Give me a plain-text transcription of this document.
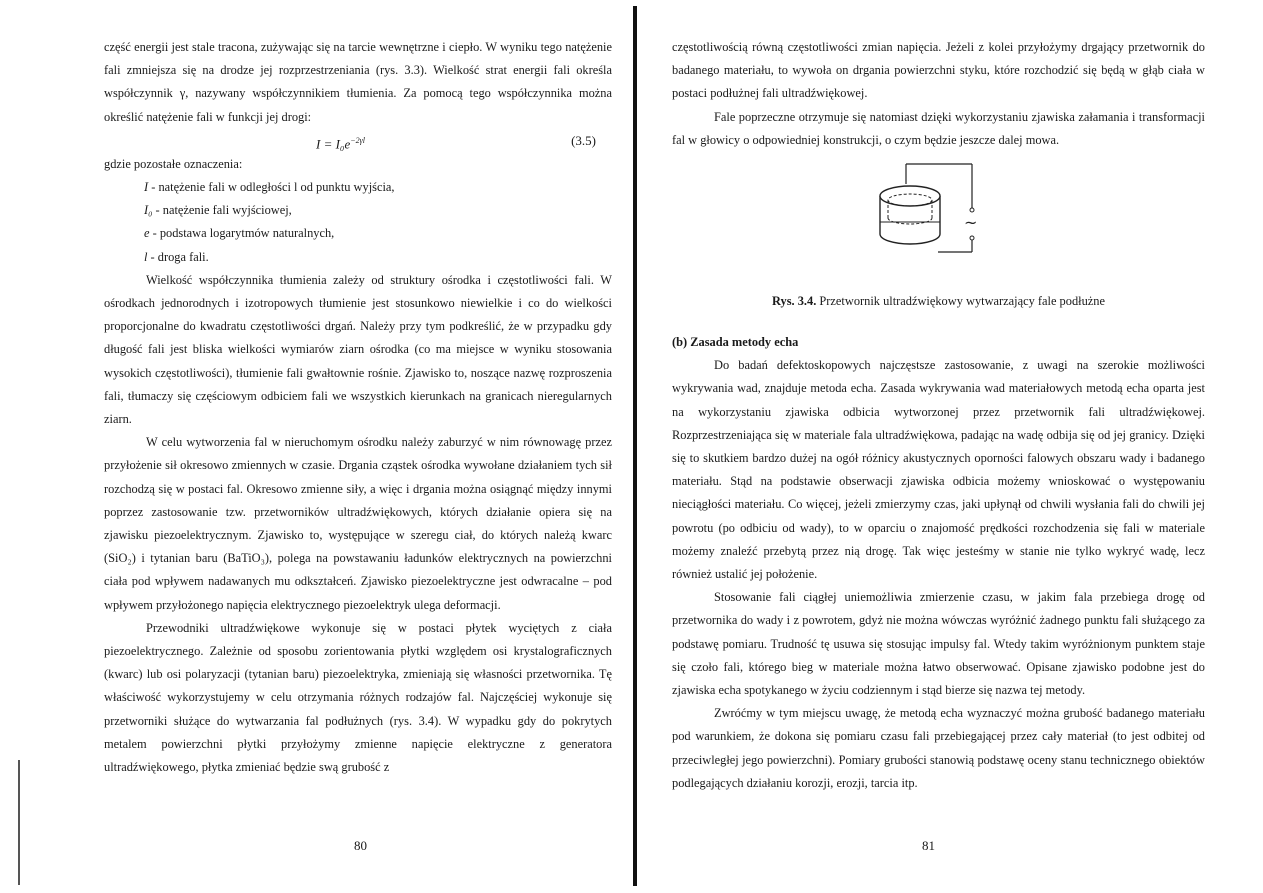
część energii jest stale tracona, zużywając się na tarcie wewnętrzne i ciepło. W wyniku tego natężenie fali zmniejsza się na drodze jej rozprzestrzeniania (rys. 3.3). Wielkość strat energii fali określa współczynnik γ, nazywany współczynnikiem tłumienia. Za pomocą tego współczynnika można określić natężenie fali w funkcji jej drogi:

$I = I_0e^{-2\gamma l}$	(3.5)

gdzie pozostałe oznaczenia:

I - natężenie fali w odległości l od punktu wyjścia,
I₀ - natężenie fali wyjściowej,
e - podstawa logarytmów naturalnych,
l - droga fali.

Wielkość współczynnika tłumienia zależy od struktury ośrodka i częstotliwości fali. W ośrodkach jednorodnych i izotropowych tłumienie jest stosunkowo niewielkie i co do wielkości proporcjonalne do kwadratu częstotliwości drgań. Należy przy tym podkreślić, że w przypadku gdy długość fali jest bliska wielkości wymiarów ziarn ośrodka (co ma miejsce w wyniku stosowania wysokich częstotliwości), tłumienie fali gwałtownie rośnie. Zjawisko to, noszące nazwę rozproszenia fali, tłumaczy się częściowym odbiciem fali we wszystkich kierunkach na granicach nieregularnych ziarn.

W celu wytworzenia fal w nieruchomym ośrodku należy zaburzyć w nim równowagę przez przyłożenie sił okresowo zmiennych w czasie. Drgania cząstek ośrodka wywołane działaniem tych sił rozchodzą się w postaci fal. Okresowo zmienne siły, a więc i drgania można osiągnąć między innymi poprzez zastosowanie tzw. przetworników ultradźwiękowych, których działanie opiera się na zjawisku piezoelektrycznym. Zjawisko to, występujące w szeregu ciał, do których należą kwarc (SiO₂) i tytanian baru (BaTiO₃), polega na powstawaniu ładunków elektrycznych na powierzchni ciała pod wpływem nadawanych mu odkształceń. Zjawisko piezoelektryczne jest odwracalne – pod wpływem przyłożonego napięcia elektrycznego piezoelektryk ulega deformacji.

Przewodniki ultradźwiękowe wykonuje się w postaci płytek wyciętych z ciała piezoelektrycznego. Zależnie od sposobu zorientowania płytki względem osi krystalograficznych (kwarc) lub osi polaryzacji (tytanian baru) piezoelektryka, zmieniają się własności przetwornika. Tę właściwość wykorzystujemy w celu otrzymania różnych rodzajów fal. Najczęściej wykonuje się przetworniki służące do wytwarzania fal podłużnych (rys. 3.4). W wypadku gdy do pokrytych metalem powierzchni płytki przyłożymy zmienne napięcie elektryczne z generatora ultradźwiękowego, płytka zmieniać będzie swą grubość z

80

częstotliwością równą częstotliwości zmian napięcia. Jeżeli z kolei przyłożymy drgający przetwornik do badanego materiału, to wywoła on drgania powierzchni styku, które rozchodzić się będą w głąb ciała w postaci podłużnej fali ultradźwiękowej.

Fale poprzeczne otrzymuje się natomiast dzięki wykorzystaniu zjawiska załamania i transformacji fal w głowicy o odpowiedniej konstrukcji, o czym będzie jeszcze dalej mowa.

~
Rys. 3.4. Przetwornik ultradźwiękowy wytwarzający fale podłużne
(b) Zasada metody echa

Do badań defektoskopowych najczęstsze zastosowanie, z uwagi na szerokie możliwości wykrywania wad, znajduje metoda echa. Zasada wykrywania wad materiałowych metodą echa oparta jest na wykorzystaniu zjawiska odbicia wytworzonej przez przetwornik fali ultradźwiękowej. Rozprzestrzeniająca się w materiale fala ultradźwiękowa, padając na wadę odbija się od jej granicy. Dzięki się to skutkiem bardzo dużej na ogół różnicy akustycznych oporności falowych obszaru wady i badanego materiału. Stąd na podstawie obserwacji zjawiska odbicia możemy wnioskować o występowaniu nieciągłości materiału. Co więcej, jeżeli zmierzymy czas, jaki upłynął od chwili wysłania fali do chwili jej powrotu (po odbiciu od wady), to w oparciu o znajomość prędkości rozchodzenia się fali w materiale możemy znaleźć przebytą przez nią drogę. Tak więc jesteśmy w stanie nie tylko wykryć wadę, lecz również ustalić jej położenie.

Stosowanie fali ciągłej uniemożliwia zmierzenie czasu, w jakim fala przebiega drogę od przetwornika do wady i z powrotem, gdyż nie można wówczas wyróżnić żadnego punktu fali służącego za podstawę pomiaru. Trudność tę usuwa się stosując impulsy fal. Wtedy takim wyróżnionym punktem staje się czoło fali, którego bieg w materiale można łatwo obserwować. Opisane zjawisko podobne jest do zjawiska echa spotykanego w życiu codziennym i stąd bierze się nazwa tej metody.

Zwróćmy w tym miejscu uwagę, że metodą echa wyznaczyć można grubość badanego materiału pod warunkiem, że dokona się pomiaru czasu fali przebiegającej przez cały materiał (to jest odbitej od przeciwległej jego powierzchni). Pomiary grubości stanowią podstawę oceny stanu technicznego obiektów podlegających działaniu korozji, erozji, tarcia itp.

81
